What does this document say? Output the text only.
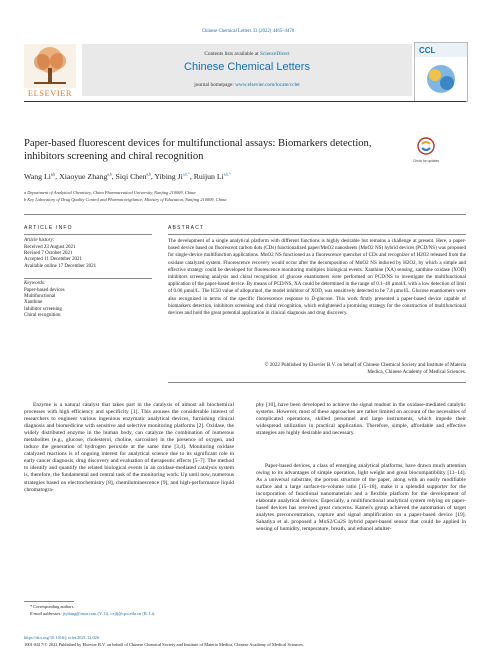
Chinese Chemical Letters 33 (2022) 4465–4470
ELSEVIER
Contents lists available at ScienceDirect
Chinese Chemical Letters
journal homepage: www.elsevier.com/locate/cclet
CCL
Paper-based fluorescent devices for multifunctional assays: Biomarkers detection, inhibitors screening and chiral recognition	Check for updates
Wang Li$^{a,b}$, Xiaoyue Zhang$^{a,b}$, Siqi Chen$^{a,b}$, Yibing $Ji^{a,b,*}$, Ruijun $Li^{a,b,*}$
a Department of Analytical Chemistry, China Pharmaceutical University, Nanjing 210009, China
b Key Laboratory of Drug Quality Control and Pharmacovigilance, Ministry of Education, Nanjing 210009, China
ARTICLE INFO
Article history:
Received 23 August 2021
Revised 7 October 2021
Accepted 11 December 2021
Available online 17 December 2021
Keywords:
Paper-based devices
Multifunctional
Xanthine
Inhibitor screening
Chiral recognition
ABSTRACT
The development of a single analytical platform with different functions is highly desirable but remains a challenge at present. Here, a paper-based device based on fluorescent carbon dots (CDs) functionalized paper/MnO2 nanosheets (MnO2 NS) hybrid devices (PCD/NS) was proposed for single-device multifunction applications. MnO2 NS functioned as a fluorescence quencher of CDs and recognizer of H2O2 released from the oxidase catalyzed system. Fluorescence recovery would occur after the decomposition of MnO2 NS induced by H2O2, by which a simple and effective strategy could be developed for fluorescence monitoring multiplex biological events. Xanthine (XA) sensing, xanthine oxidase (XOD) inhibitors screening analysis and chiral recognition of glucose enantiomers were performed on PCD/NS to investigate the multifunctional application of the paper-based device. By means of PCD/NS, XA could be determined in the range of 0.1–40 µmol/L with a low detection of limit of 0.06 µmol/L. The IC50 value of allopurinol, the model inhibitor of XOD, was sensitively detected to be 7.4 µmol/L. Glucose enantiomers were also recognized in terms of the specific fluorescence response to D-glucose. This work firstly presented a paper-based device capable of biomarkers detection, inhibitors screening and chiral recognition, which enlightened a promising strategy for the construction of multifunctional devices and hold the great potential application in clinical diagnosis and drug discovery.
© 2022 Published by Elsevier B.V. on behalf of Chinese Chemical Society and Institute of Materia
Medica, Chinese Academy of Medical Sciences.
Enzyme is a natural catalyst that takes part in the catalysis of almost all biochemical processes with high efficiency and specificity [1]. This arouses the considerable interest of researchers to engineer various ingenious enzymatic analytical devices, furnishing clinical diagnosis and biomedicine with sensitive and selective monitoring platforms [2]. Oxidase, the widely distributed enzyme in the human body, can catalyze the combination of numerous metabolites (e.g., glucose, cholesterol, choline, sarcosine) in the presence of oxygen, and induce the generation of hydrogen peroxide at the same time [3,4]. Monitoring oxidase catalyzed reactions is of ongoing interest for analytical science due to its significant role in early cancer diagnosis, drug discovery and evaluation of therapeutic effects [5–7]. The method to identify and quantify the related biological events in an oxidase-mediated catalysis system is, therefore, the fundamental and central task of the monitoring work. Up until now, numerous strategies based on electrochemistry [8], chemiluminescence [9], and high-performance liquid chromatogra-
phy [10], have been developed to achieve the signal readout in the oxidase-mediated catalytic systems. However, most of these approaches are rather limited on account of the necessities of complicated operations, skilled personnel and large instruments, which impede their widespread utilization in practical application. Therefore, simple, affordable and effective strategies are highly desirable and necessary.
Paper-based devices, a class of emerging analytical platforms, have drawn much attention owing to its advantages of simple operation, light weight and great biocompatibility [11–14]. As a universal substrate, the porous structure of the paper, along with an easily modifiable surface and a large surface-to-volume ratio [15–18], make it a splendid supporter for the incorporation of functional nanomaterials and a flexible platform for the development of elaborate analytical devices. Especially, a multifunctional analytical system relying on paper-based devices has received great concerns. Kamei's group achieved the automation of target analytes preconcentration, capture and signal amplification on a paper-based device [19]. Sahatiya et al. proposed a MoS2/Cu2S hybrid paper-based sensor that could be applied in sensing of humidity, temperature, breath, and ethanol adulter-
* Corresponding authors.
E-mail addresses: jiyibing@msn.com (Y. Ji), cxjlj@cpu.edu.cn (R. Li).
https://doi.org/10.1016/j.cclet.2021.12.026
1001-8417/© 2022 Published by Elsevier B.V. on behalf of Chinese Chemical Society and Institute of Materia Medica, Chinese Academy of Medical Sciences.
